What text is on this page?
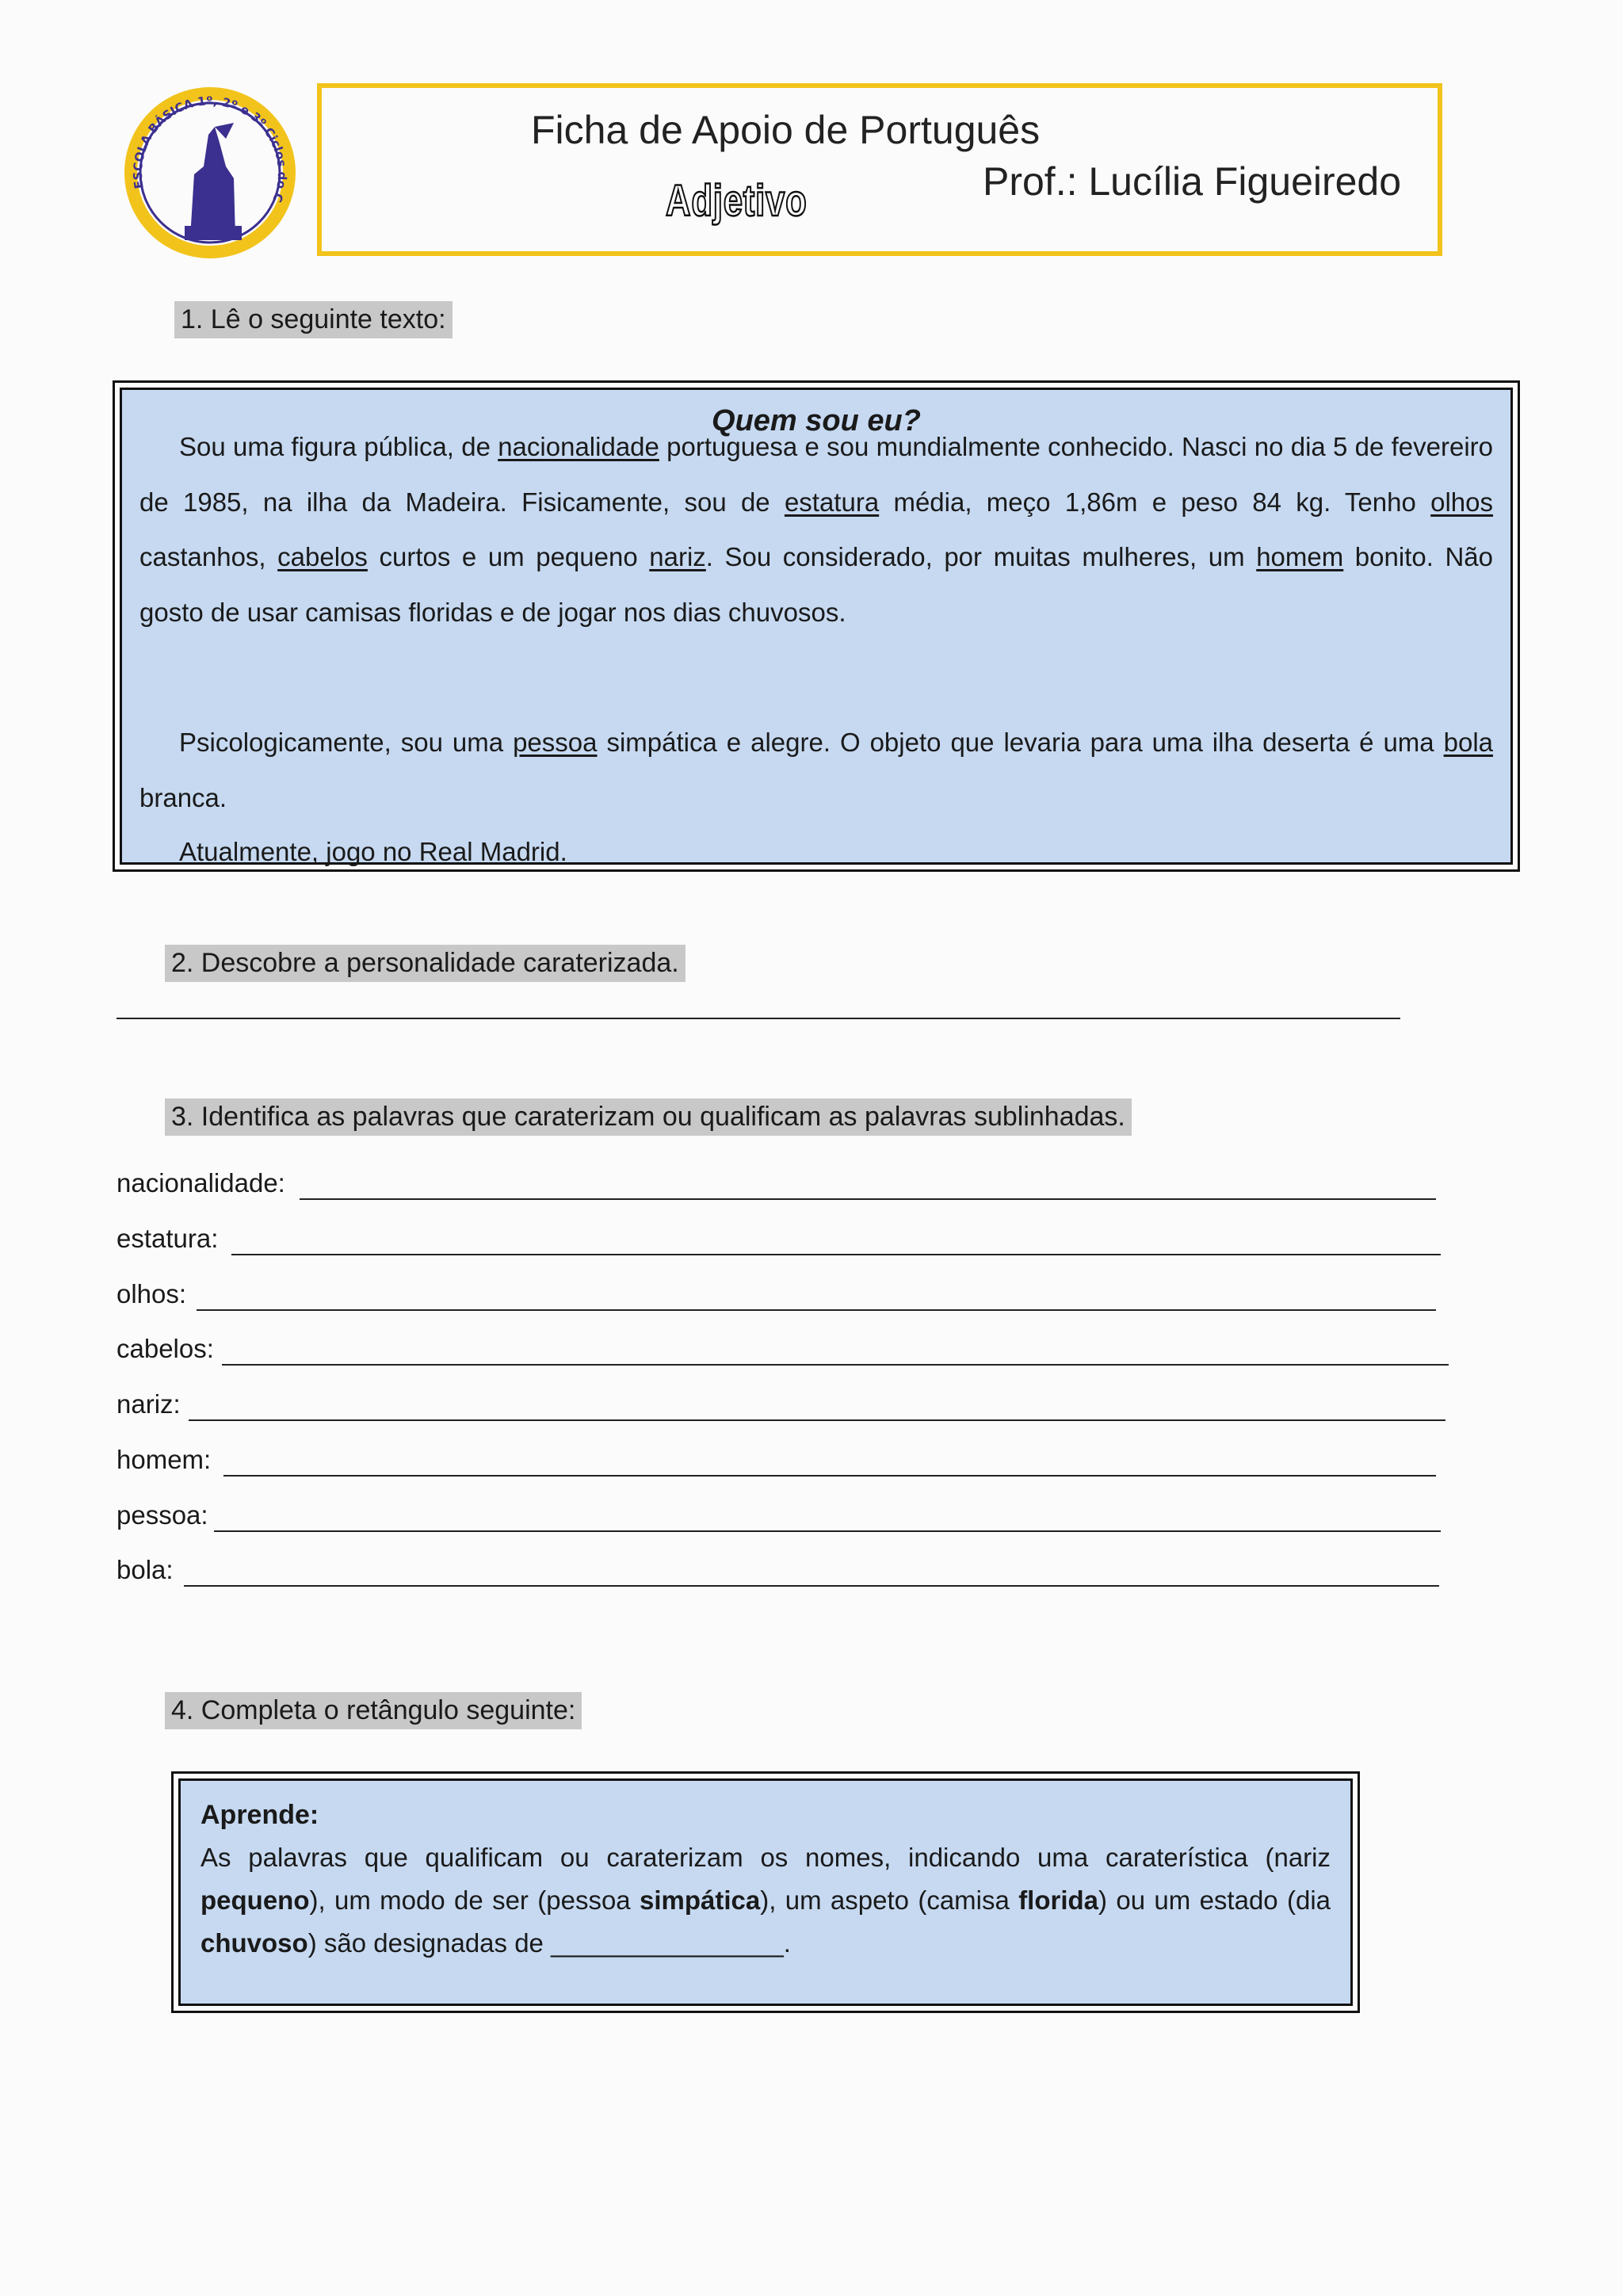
ESCOLA BÁSICA 1º, 2º e 3º Ciclos do C
Ficha de Apoio de Português
Adjetivo	Prof.: Lucília Figueiredo
1. Lê o seguinte texto:
Quem sou eu?
Sou uma figura pública, de nacionalidade portuguesa e sou mundialmente conhecido. Nasci no dia 5 de fevereiro de 1985, na ilha da Madeira. Fisicamente, sou de estatura média, meço 1,86m e peso 84 kg. Tenho olhos castanhos, cabelos curtos e um pequeno nariz. Sou considerado, por muitas mulheres, um homem bonito. Não gosto de usar camisas floridas e de jogar nos dias chuvosos.
Psicologicamente, sou uma pessoa simpática e alegre. O objeto que levaria para uma ilha deserta é uma bola branca.
Atualmente, jogo no Real Madrid.
2. Descobre a personalidade caraterizada.
3. Identifica as palavras que caraterizam ou qualificam as palavras sublinhadas.
nacionalidade:
estatura:
olhos:
cabelos:
nariz:
homem:
pessoa:
bola:
4. Completa o retângulo seguinte:
Aprende:
As palavras que qualificam ou caraterizam os nomes, indicando uma caraterística (nariz pequeno), um modo de ser (pessoa simpática), um aspeto (camisa florida) ou um estado (dia chuvoso) são designadas de ________________.
